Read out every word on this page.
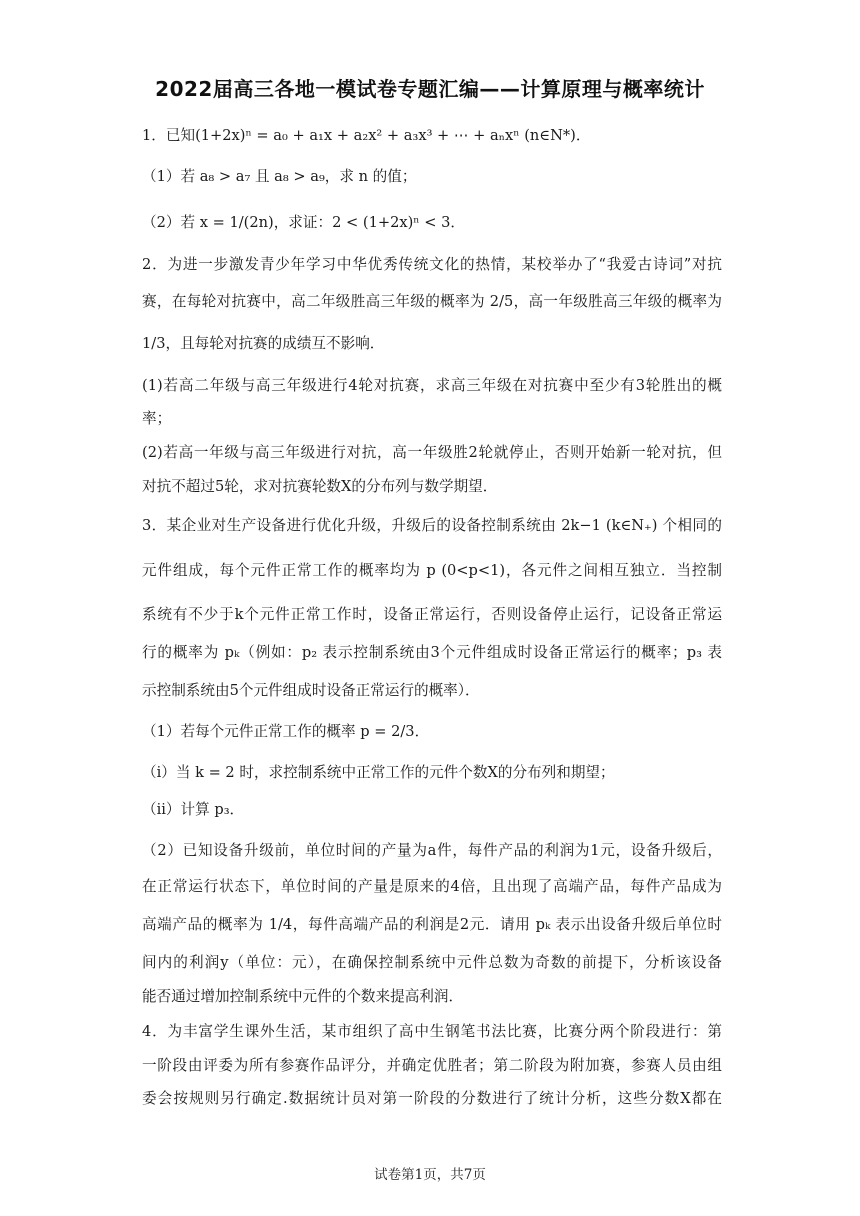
2022届高三各地一模试卷专题汇编——计算原理与概率统计
1．已知(1+2x)ⁿ = a₀ + a₁x + a₂x² + a₃x³ + ⋯ + aₙxⁿ (n∈N*)．
（1）若 a₈ > a₇ 且 a₈ > a₉，求 n 的值；
（2）若 x = 1/(2n)，求证：2 < (1+2x)ⁿ < 3．
2．为进一步激发青少年学习中华优秀传统文化的热情，某校举办了“我爱古诗词”对抗
赛，在每轮对抗赛中，高二年级胜高三年级的概率为 2/5，高一年级胜高三年级的概率为
1/3，且每轮对抗赛的成绩互不影响．
(1)若高二年级与高三年级进行4轮对抗赛，求高三年级在对抗赛中至少有3轮胜出的概
率；
(2)若高一年级与高三年级进行对抗，高一年级胜2轮就停止，否则开始新一轮对抗，但
对抗不超过5轮，求对抗赛轮数X的分布列与数学期望．
3．某企业对生产设备进行优化升级，升级后的设备控制系统由 2k−1 (k∈N₊) 个相同的
元件组成，每个元件正常工作的概率均为 p (0<p<1)，各元件之间相互独立．当控制
系统有不少于k个元件正常工作时，设备正常运行，否则设备停止运行，记设备正常运
行的概率为 pₖ（例如：p₂ 表示控制系统由3个元件组成时设备正常运行的概率；p₃ 表
示控制系统由5个元件组成时设备正常运行的概率）．
（1）若每个元件正常工作的概率 p = 2/3．
（i）当 k = 2 时，求控制系统中正常工作的元件个数X的分布列和期望；
（ii）计算 p₃．
（2）已知设备升级前，单位时间的产量为a件，每件产品的利润为1元，设备升级后，
在正常运行状态下，单位时间的产量是原来的4倍，且出现了高端产品，每件产品成为
高端产品的概率为 1/4，每件高端产品的利润是2元．请用 pₖ 表示出设备升级后单位时
间内的利润y（单位：元），在确保控制系统中元件总数为奇数的前提下，分析该设备
能否通过增加控制系统中元件的个数来提高利润．
4．为丰富学生课外生活，某市组织了高中生钢笔书法比赛，比赛分两个阶段进行：第
一阶段由评委为所有参赛作品评分，并确定优胜者；第二阶段为附加赛，参赛人员由组
委会按规则另行确定.数据统计员对第一阶段的分数进行了统计分析，这些分数X都在
试卷第1页，共7页
